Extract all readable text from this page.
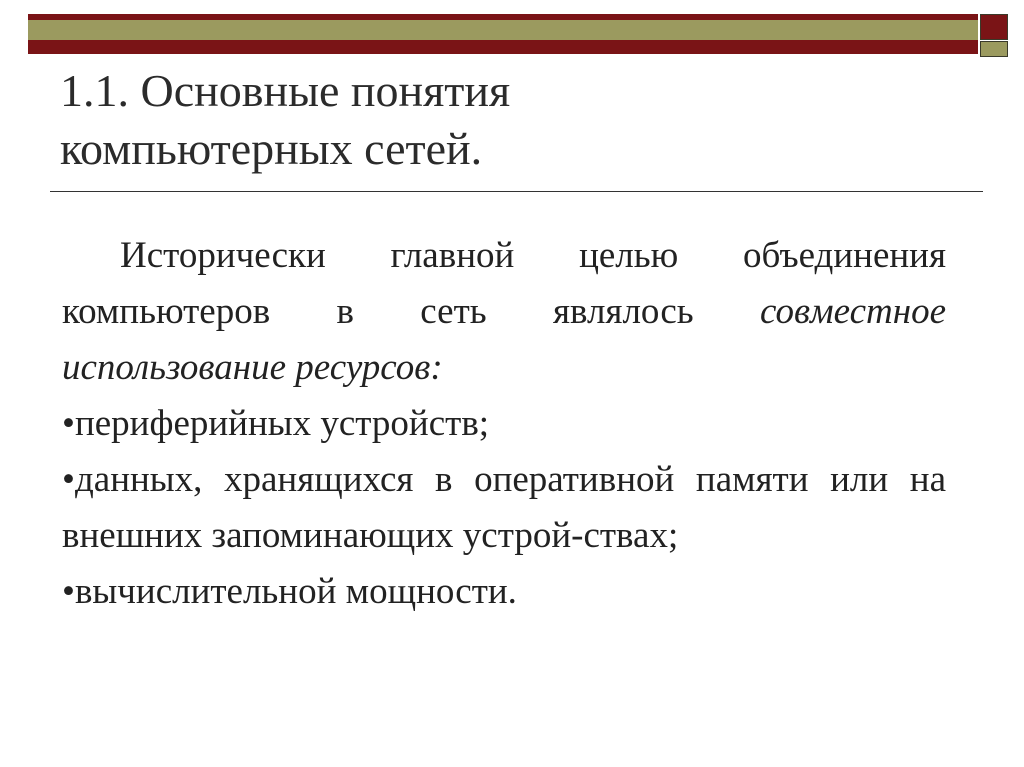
1.1. Основные понятия
компьютерных сетей.

Исторически главной целью объединения компьютеров в сеть являлось совместное использование ресурсов:

•периферийных устройств;

•данных, хранящихся в оперативной памяти или на внешних запоминающих устрой-ствах;

•вычислительной мощности.
